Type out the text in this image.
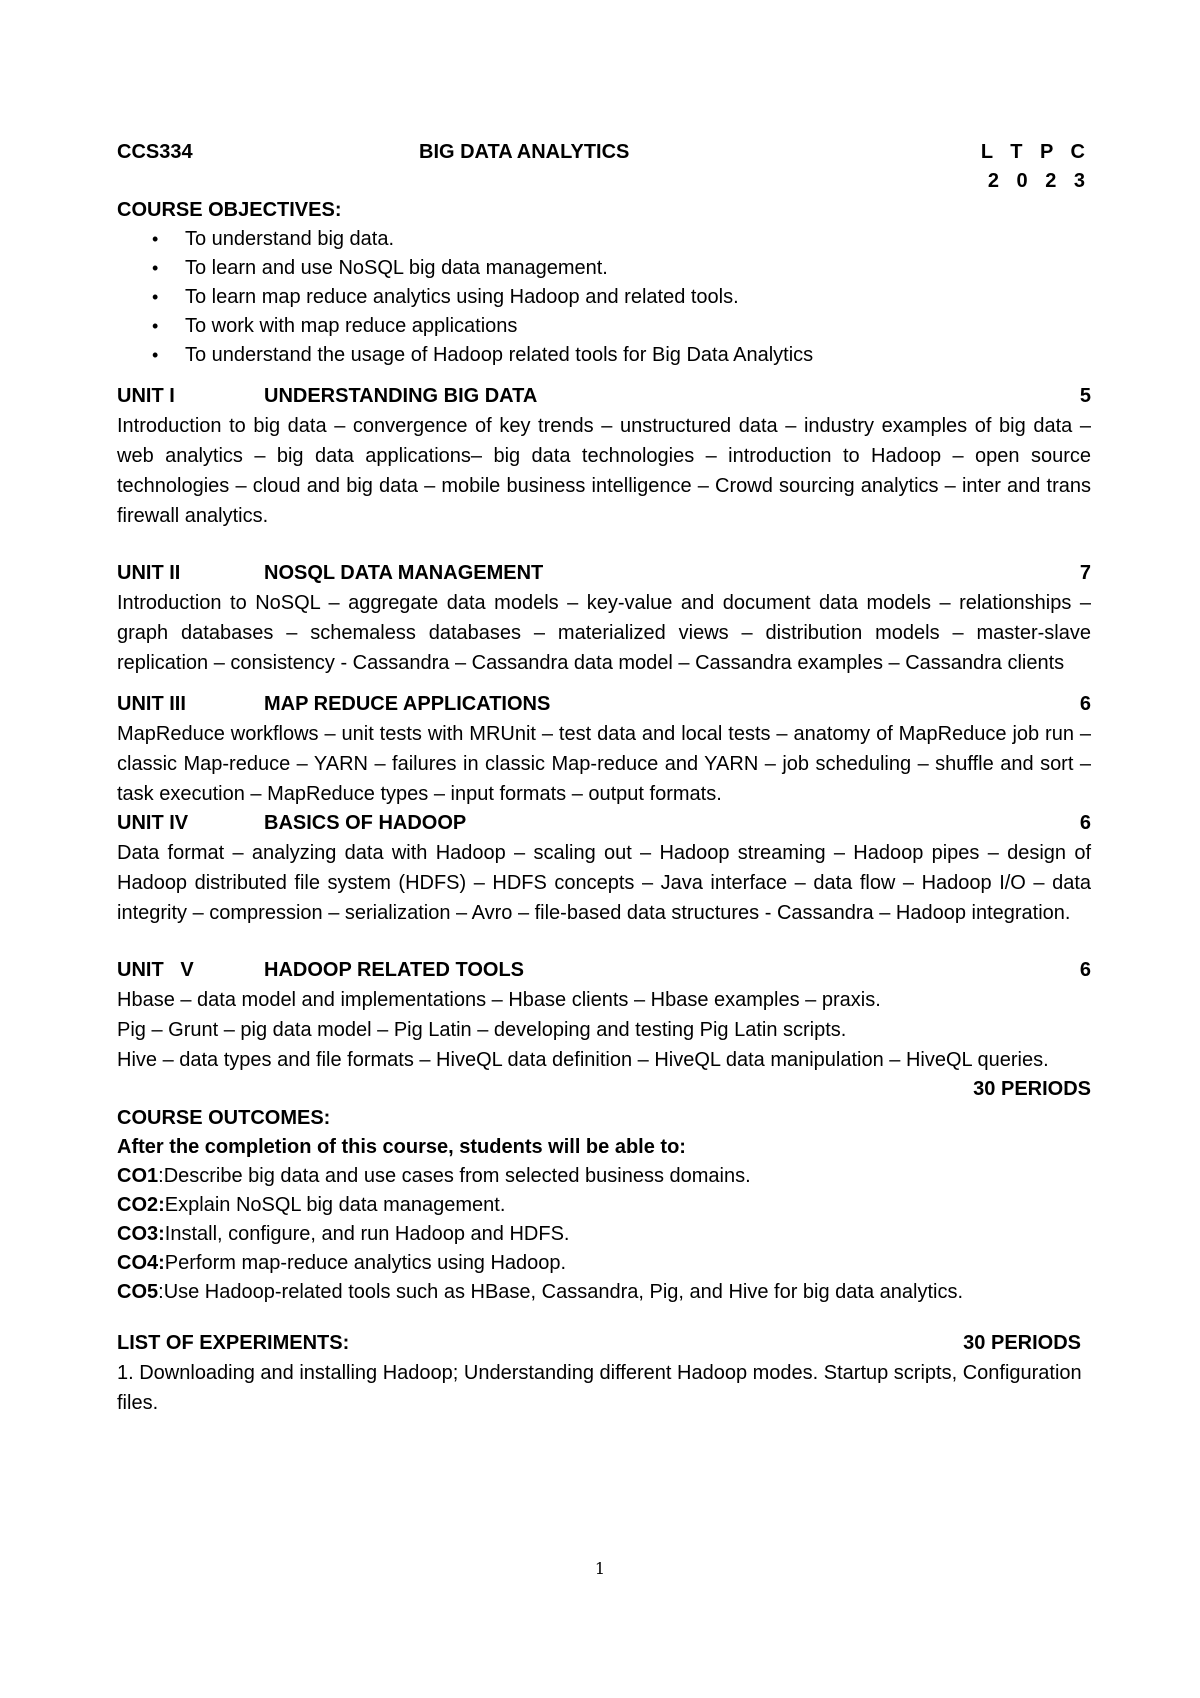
CCS334	BIG DATA ANALYTICS	L T P C
2 0 2 3
COURSE OBJECTIVES:
• To understand big data.
• To learn and use NoSQL big data management.
• To learn map reduce analytics using Hadoop and related tools.
• To work with map reduce applications
• To understand the usage of Hadoop related tools for Big Data Analytics
UNIT I	UNDERSTANDING BIG DATA	5
Introduction to big data – convergence of key trends – unstructured data – industry examples of big data – web analytics – big data applications– big data technologies – introduction to Hadoop – open source technologies – cloud and big data – mobile business intelligence – Crowd sourcing analytics – inter and trans firewall analytics.
UNIT II	NOSQL DATA MANAGEMENT	7
Introduction to NoSQL – aggregate data models – key-value and document data models – relationships – graph databases – schemaless databases – materialized views – distribution models – master-slave replication – consistency - Cassandra – Cassandra data model – Cassandra examples – Cassandra clients
UNIT III	MAP REDUCE APPLICATIONS	6
MapReduce workflows – unit tests with MRUnit – test data and local tests – anatomy of MapReduce job run – classic Map-reduce – YARN – failures in classic Map-reduce and YARN – job scheduling – shuffle and sort – task execution – MapReduce types – input formats – output formats.
UNIT IV	BASICS OF HADOOP	6
Data format – analyzing data with Hadoop – scaling out – Hadoop streaming – Hadoop pipes – design of Hadoop distributed file system (HDFS) – HDFS concepts – Java interface – data flow – Hadoop I/O – data integrity – compression – serialization – Avro – file-based data structures - Cassandra – Hadoop integration.
UNIT   V	HADOOP RELATED TOOLS	6
Hbase – data model and implementations – Hbase clients – Hbase examples – praxis.
Pig – Grunt – pig data model – Pig Latin – developing and testing Pig Latin scripts.
Hive – data types and file formats – HiveQL data definition – HiveQL data manipulation – HiveQL queries.
30 PERIODS
COURSE OUTCOMES:
After the completion of this course, students will be able to:
CO1:Describe big data and use cases from selected business domains.
CO2:Explain NoSQL big data management.
CO3:Install, configure, and run Hadoop and HDFS.
CO4:Perform map-reduce analytics using Hadoop.
CO5:Use Hadoop-related tools such as HBase, Cassandra, Pig, and Hive for big data analytics.
LIST OF EXPERIMENTS:	30 PERIODS
1. Downloading and installing Hadoop; Understanding different Hadoop modes. Startup scripts, Configuration files.
1
